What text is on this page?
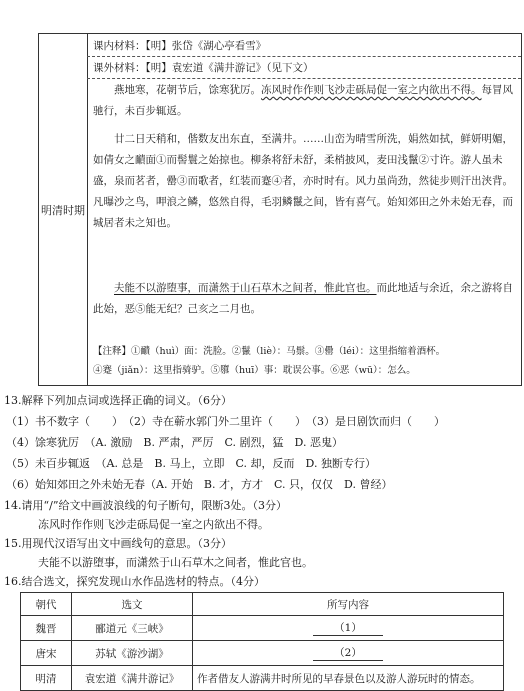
明清时期
课内材料：【明】张岱《湖心亭看雪》
课外材料：【明】袁宏道《满井游记》（见下文）
燕地寒，花朝节后，馀寒犹厉。冻风时作作则飞沙走砾局促一室之内欲出不得。每冒风驰行，未百步辄返。
廿二日天稍和，偕数友出东直，至满井。……山峦为晴雪所洗，娟然如拭，鲜妍明媚，如倩女之靧面①而髻鬟之始掠也。柳条将舒未舒，柔梢披风，麦田浅鬣②寸许。游人虽未盛，泉而茗者，罍③而歌者，红装而蹇④者，亦时时有。风力虽尚劲，然徒步则汗出浃背。凡曝沙之鸟，呷浪之鳞，悠然自得，毛羽鳞鬣之间，皆有喜气。始知郊田之外未始无春，而城居者未之知也。
夫能不以游堕事，而潇然于山石草木之间者，惟此官也。而此地适与余近，余之游将自此始，恶⑤能无纪？己亥之二月也。
【注释】①靧（huì）面：洗脸。②鬣（liè）：马鬃。③罍（léi）：这里指缩着酒杯。
④蹇（jiǎn）：这里指骑驴。⑤隳（huī）事：耽误公事。⑥恶（wū）：怎么。
13.解释下列加点词或选择正确的词义。（6分）
（1）书不数字（　　）　（2）寺在蕲水郭门外二里许（　　）　（3）是日剧饮而归（　　）
（4）馀寒犹厉　（A. 激励　B. 严肃，严厉　C. 剧烈，猛　D. 恶鬼）
（5）未百步辄返　（A. 总是　B. 马上，立即　C. 却，反而　D. 独断专行）
（6）始知郊田之外未始无春（A. 开始　B. 才，方才　C. 只，仅仅　D. 曾经）
14.请用“/”给文中画波浪线的句子断句，限断3处。（3分）
冻风时作作则飞沙走砾局促一室之内欲出不得。
15.用现代汉语写出文中画线句的意思。（3分）
夫能不以游堕事，而潇然于山石草木之间者，惟此官也。
16.结合选文，探究发现山水作品选材的特点。（4分）
朝代	选文	所写内容
魏晋	郦道元《三峡》	（1）
唐宋	苏轼《游沙湖》	（2）
明清	袁宏道《满井游记》	作者借友人游满井时所见的早春景色以及游人游玩时的情态。
